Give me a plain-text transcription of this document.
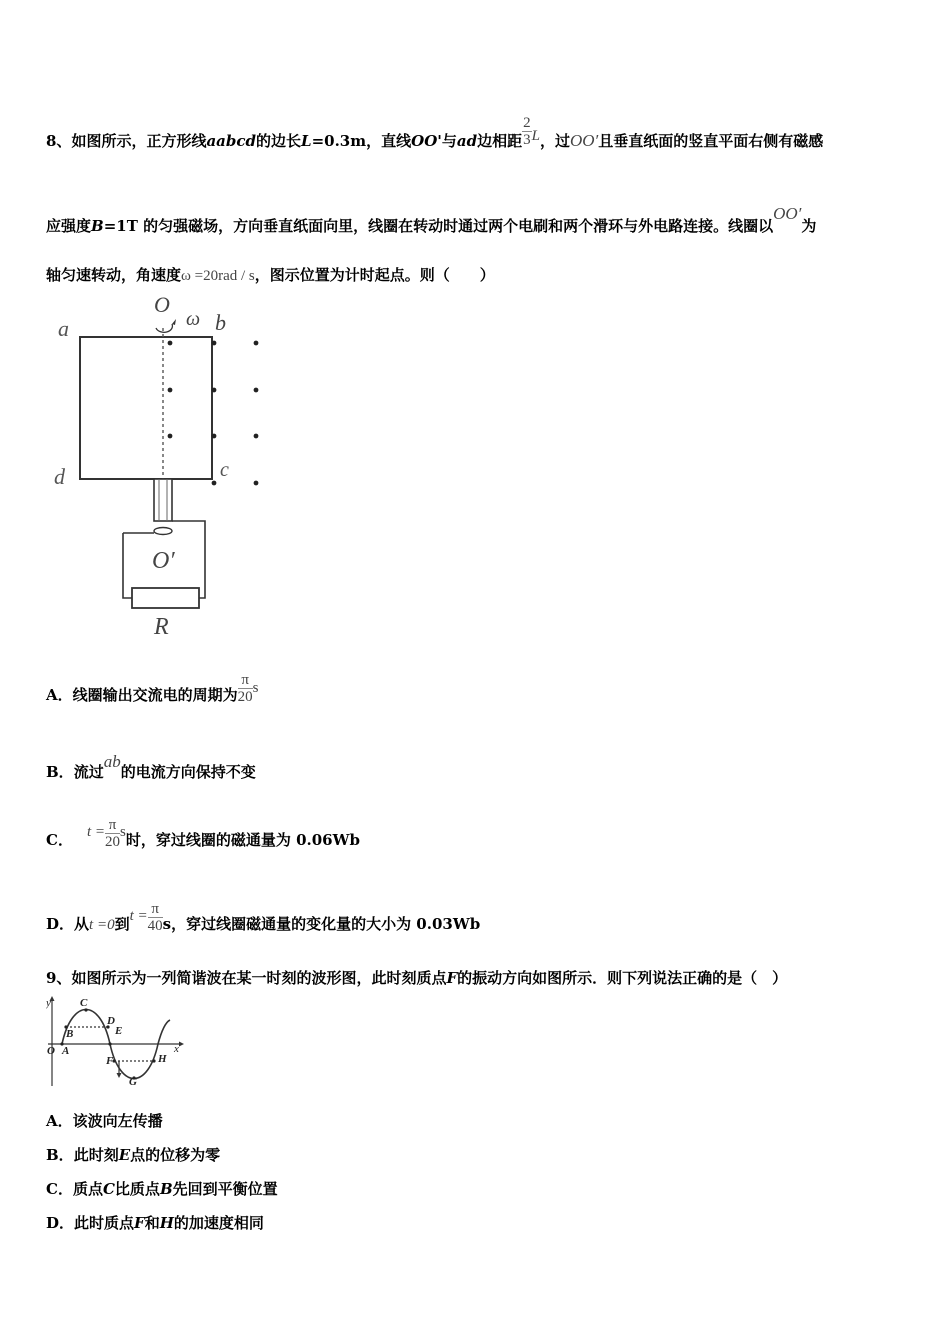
8、如图所示，正方形线aabcd的边长L=0.3m，直线OO'与ad边相距 $\frac{2}{3}$ L，过OO′且垂直纸面的竖直平面右侧有磁感
应强度B=1T 的匀强磁场，方向垂直纸面向里，线圈在转动时通过两个电刷和两个滑环与外电路连接。线圈以OO′为
轴匀速转动，角速度ω =20rad / s，图示位置为计时起点。则（　　）
O
ω b
a
d	c
O′
R
A．线圈输出交流电的周期为 $\frac{\pi}{20}$ s
B．流过ab的电流方向保持不变
C． $t = \frac{\pi}{20}$ s时，穿过线圈的磁通量为 0.06Wb
D．从t =0到$t = \frac{\pi}{40}$ s，穿过线圈磁通量的变化量的大小为 0.03Wb
9、如图所示为一列简谐波在某一时刻的波形图，此时刻质点F的振动方向如图所示．则下列说法正确的是（　）
y	C
D
E
B
O A	x
F	H
G
A．该波向左传播
B．此时刻E点的位移为零
C．质点C比质点B先回到平衡位置
D．此时质点F和H的加速度相同
